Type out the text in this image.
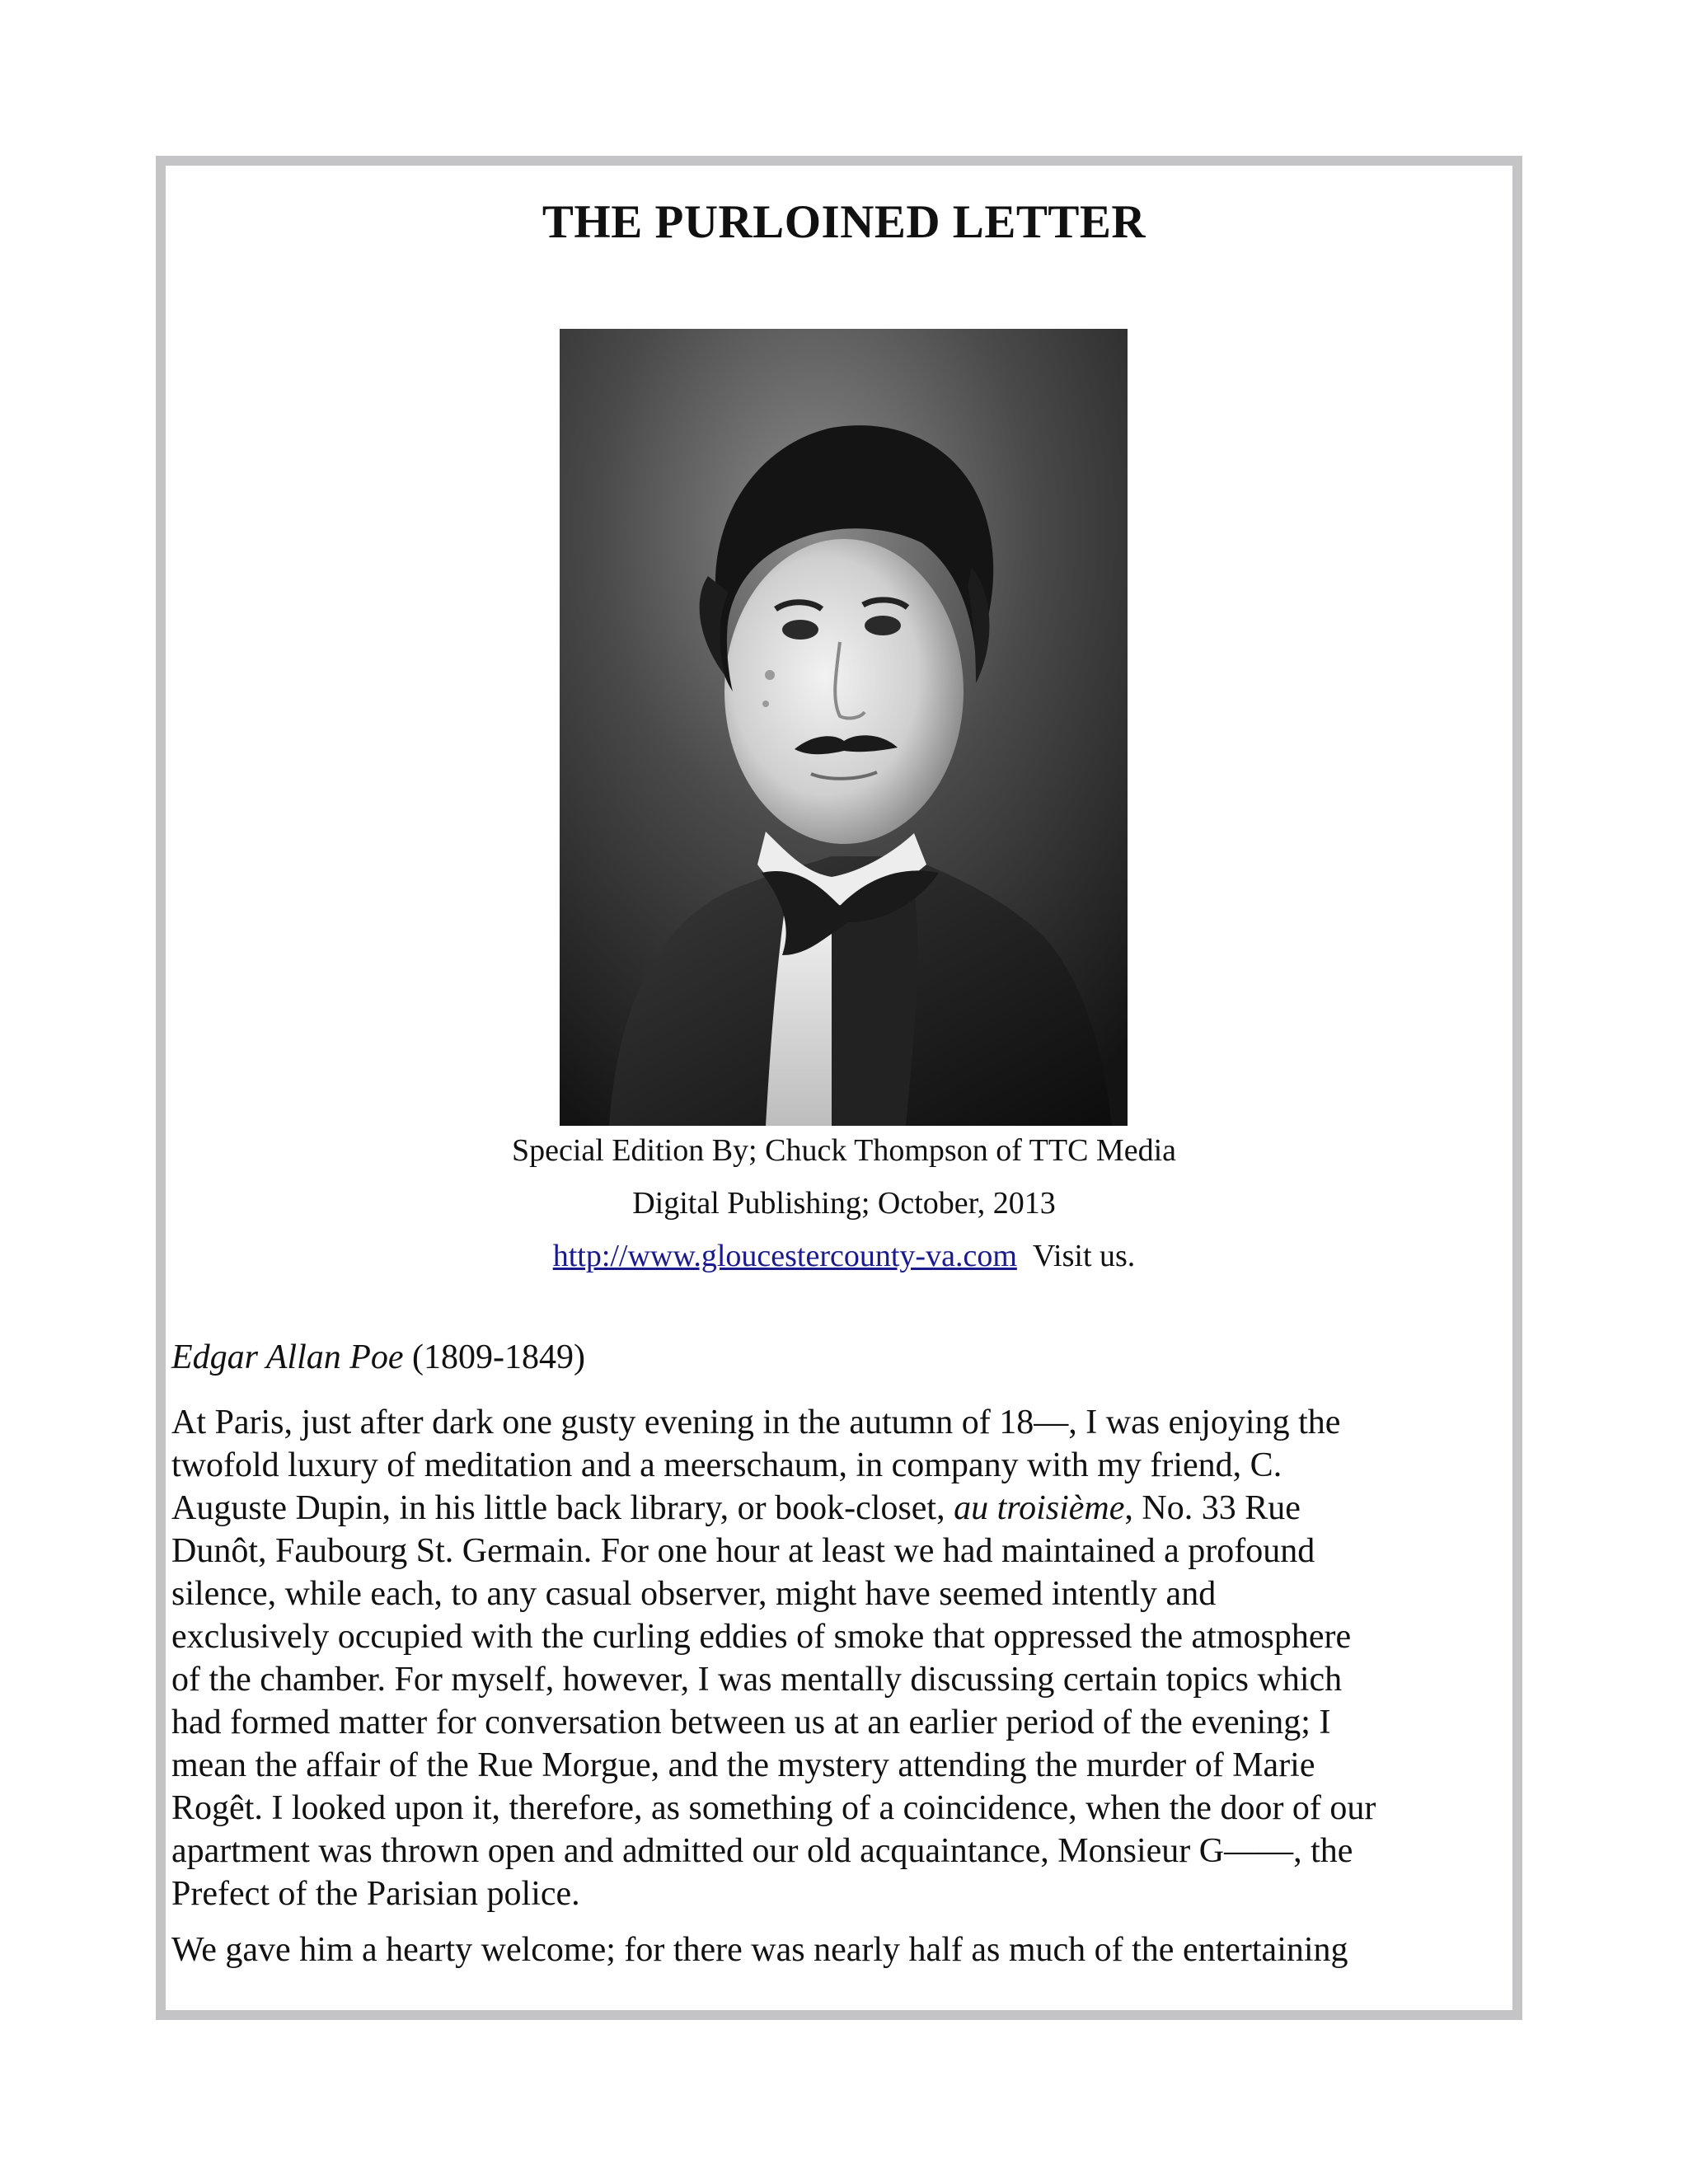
THE PURLOINED LETTER

Special Edition By; Chuck Thompson of TTC Media

Digital Publishing; October, 2013

http://www.gloucestercounty-va.com Visit us.

Edgar Allan Poe (1809-1849)

At Paris, just after dark one gusty evening in the autumn of 18—, I was enjoying the
twofold luxury of meditation and a meerschaum, in company with my friend, C.
Auguste Dupin, in his little back library, or book-closet, au troisième, No. 33 Rue
Dunôt, Faubourg St. Germain. For one hour at least we had maintained a profound
silence, while each, to any casual observer, might have seemed intently and
exclusively occupied with the curling eddies of smoke that oppressed the atmosphere
of the chamber. For myself, however, I was mentally discussing certain topics which
had formed matter for conversation between us at an earlier period of the evening; I
mean the affair of the Rue Morgue, and the mystery attending the murder of Marie
Rogêt. I looked upon it, therefore, as something of a coincidence, when the door of our
apartment was thrown open and admitted our old acquaintance, Monsieur G——, the
Prefect of the Parisian police.

We gave him a hearty welcome; for there was nearly half as much of the entertaining
